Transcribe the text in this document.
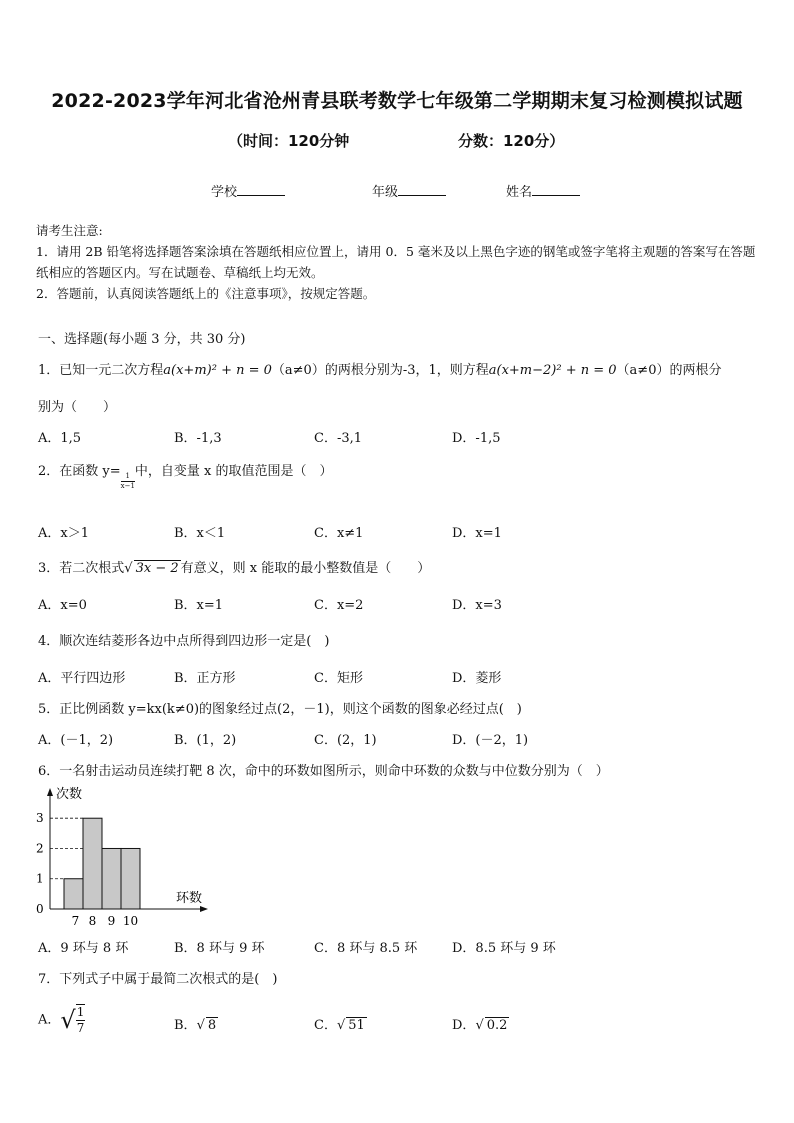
2022-2023学年河北省沧州青县联考数学七年级第二学期期末复习检测模拟试题
（时间：120分钟	分数：120分）
学校	年级	姓名
请考生注意:
1．请用 2B 铅笔将选择题答案涂填在答题纸相应位置上，请用 0．5 毫米及以上黑色字迹的钢笔或签字笔将主观题的答案写在答题纸相应的答题区内。写在试题卷、草稿纸上均无效。
2．答题前，认真阅读答题纸上的《注意事项》，按规定答题。
一、选择题(每小题 3 分，共 30 分)
1．已知一元二次方程a(x+m)² + n = 0（a≠0）的两根分别为-3，1，则方程a(x+m−2)² + n = 0（a≠0）的两根分
别为（　　）
A．1,5	B．-1,3	C．-3,1	D．-1,5
2．在函数 y=
$\frac{1}{x-1}$
中，自变量 x 的取值范围是（　）
A．x＞1	B．x＜1	C．x≠1	D．x=1
3．若二次根式√ 3x − 2 有意义，则 x 能取的最小整数值是（　　）
A．x=0	B．x=1	C．x=2	D．x=3
4．顺次连结菱形各边中点所得到四边形一定是(　)
A．平行四边形	B．正方形	C．矩形	D．菱形
5．正比例函数 y=kx(k≠0)的图象经过点(2，－1)，则这个函数的图象必经过点(　)
A．(－1，2)	B．(1，2)	C．(2，1)	D．(－2，1)
6．一名射击运动员连续打靶 8 次，命中的环数如图所示，则命中环数的众数与中位数分别为（　）
0
1
2
3
7 8 9 10
次数
环数
A．9 环与 8 环	B．8 环与 9 环	C．8 环与 8.5 环	D．8.5 环与 9 环
7．下列式子中属于最简二次根式的是(　)
A．√ $\frac{1}{7}$	B．√ 8	C．√ 51	D．√ 0.2
